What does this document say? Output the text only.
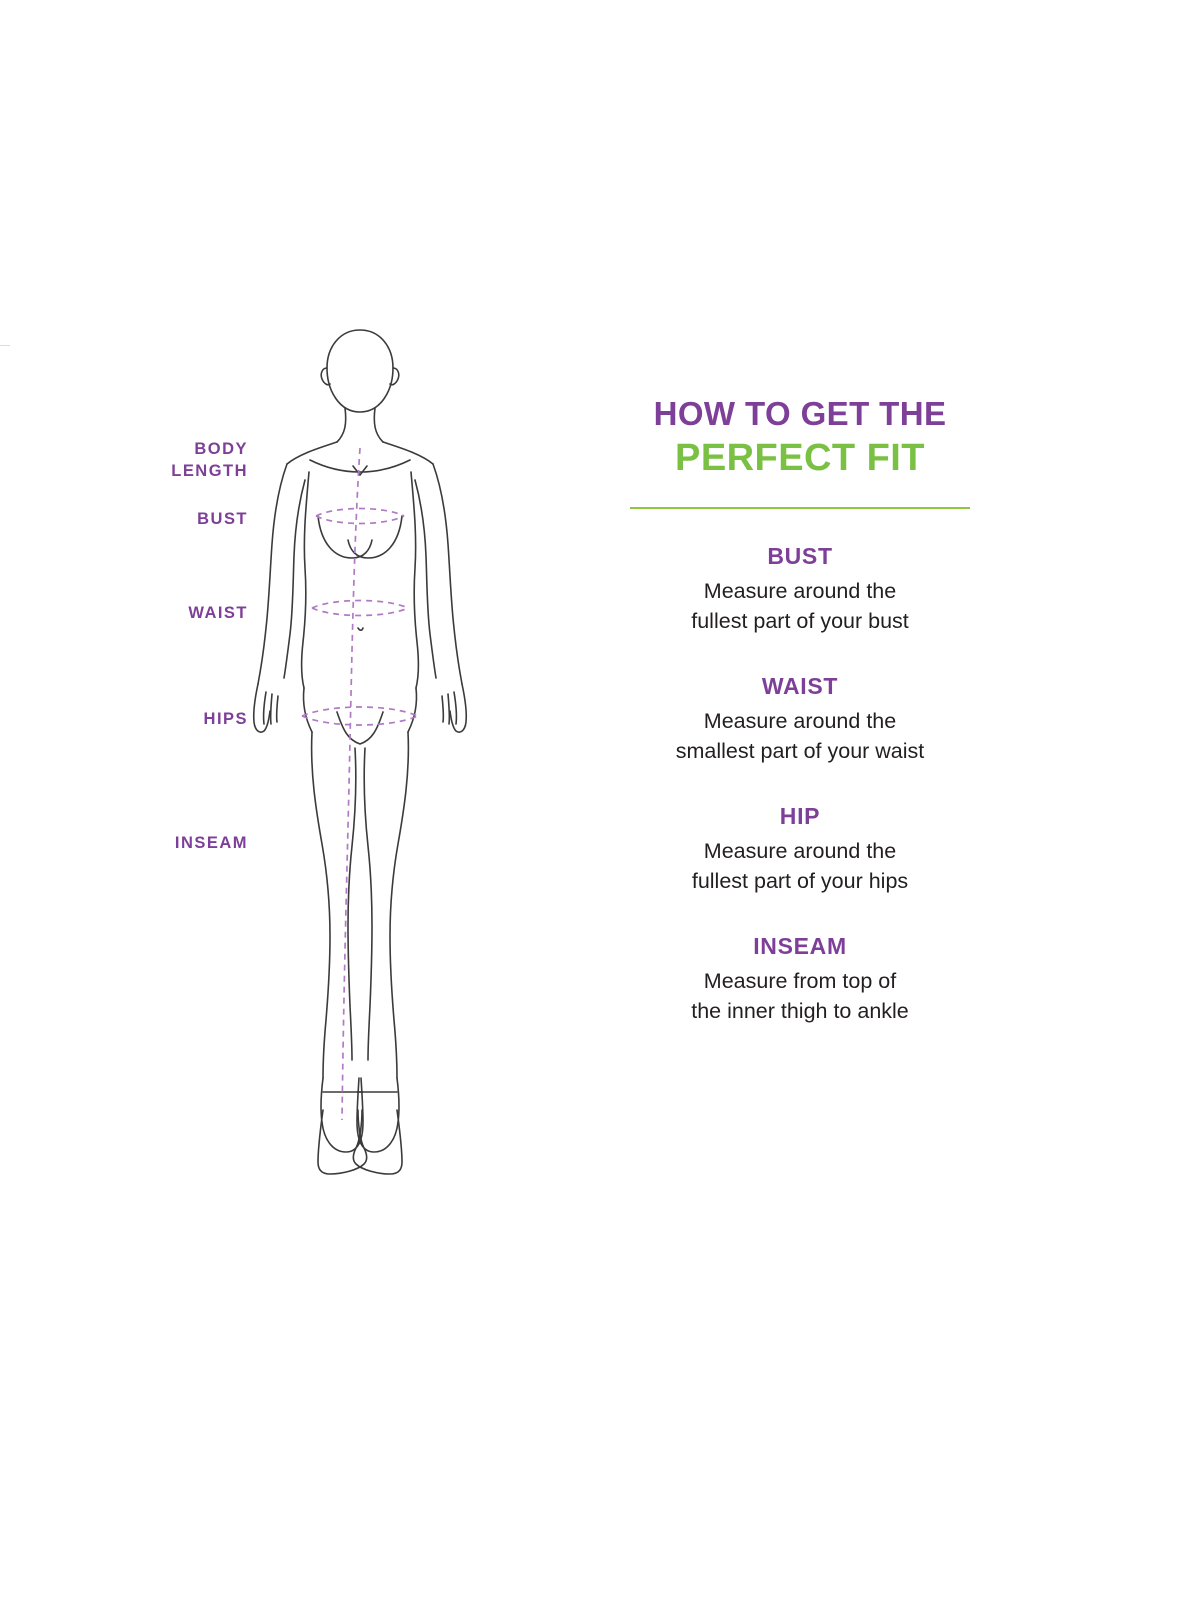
BODY
LENGTH
BUST
WAIST
HIPS
INSEAM
HOW TO GET THE
PERFECT FIT
BUST

Measure around the
fullest part of your bust

WAIST

Measure around the
smallest part of your waist

HIP

Measure around the
fullest part of your hips

INSEAM

Measure from top of
the inner thigh to ankle
